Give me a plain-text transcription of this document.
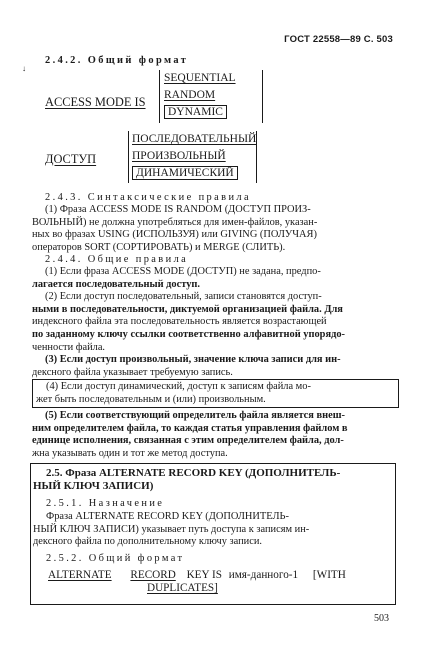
ГОСТ 22558—89 С. 503
↓
2.4.2. Общий формат
ACCESS MODE IS
SEQUENTIAL
RANDOM
DYNAMIC
ДОСТУП
ПОСЛЕДОВАТЕЛЬНЫЙ
ПРОИЗВОЛЬНЫЙ
ДИНАМИЧЕСКИЙ
2.4.3. Синтаксические правила
(1) Фраза ACCESS MODE IS RANDOM (ДОСТУП ПРОИЗ-
ВОЛЬНЫЙ) не должна употребляться для имен-файлов, указан-
ных во фразах USING (ИСПОЛЬЗУЯ) или GIVING (ПОЛУЧАЯ)
операторов SORT (СОРТИРОВАТЬ) и MERGE (СЛИТЬ).
2.4.4. Общие правила
(1) Если фраза ACCESS MODE (ДОСТУП) не задана, предпо-
лагается последовательный доступ.
(2) Если доступ последовательный, записи становятся доступ-
ными в последовательности, диктуемой организацией файла. Для
индексного файла эта последовательность является возрастающей
по заданному ключу ссылки соответственно алфавитной упорядо-
ченности файла.
(3) Если доступ произвольный, значение ключа записи для ин-
дексного файла указывает требуемую запись.
(4) Если доступ динамический, доступ к записям файла мо-
жет быть последовательным и (или) произвольным.
(5) Если соответствующий определитель файла является внеш-
ним определителем файла, то каждая статья управления файлом в
единице исполнения, связанная с этим определителем файла, дол-
жна указывать один и тот же метод доступа.
2.5. Фраза ALTERNATE RECORD KEY (ДОПОЛНИТЕЛЬ-
НЫЙ КЛЮЧ ЗАПИСИ)
2.5.1. Назначение
Фраза ALTERNATE RECORD KEY (ДОПОЛНИТЕЛЬ-
НЫЙ КЛЮЧ ЗАПИСИ) указывает путь доступа к записям ин-
дексного файла по дополнительному ключу записи.
2.5.2. Общий формат
ALTERNATE RECORD KEY IS имя-данного-1 [WITH
DUPLICATES]
503
